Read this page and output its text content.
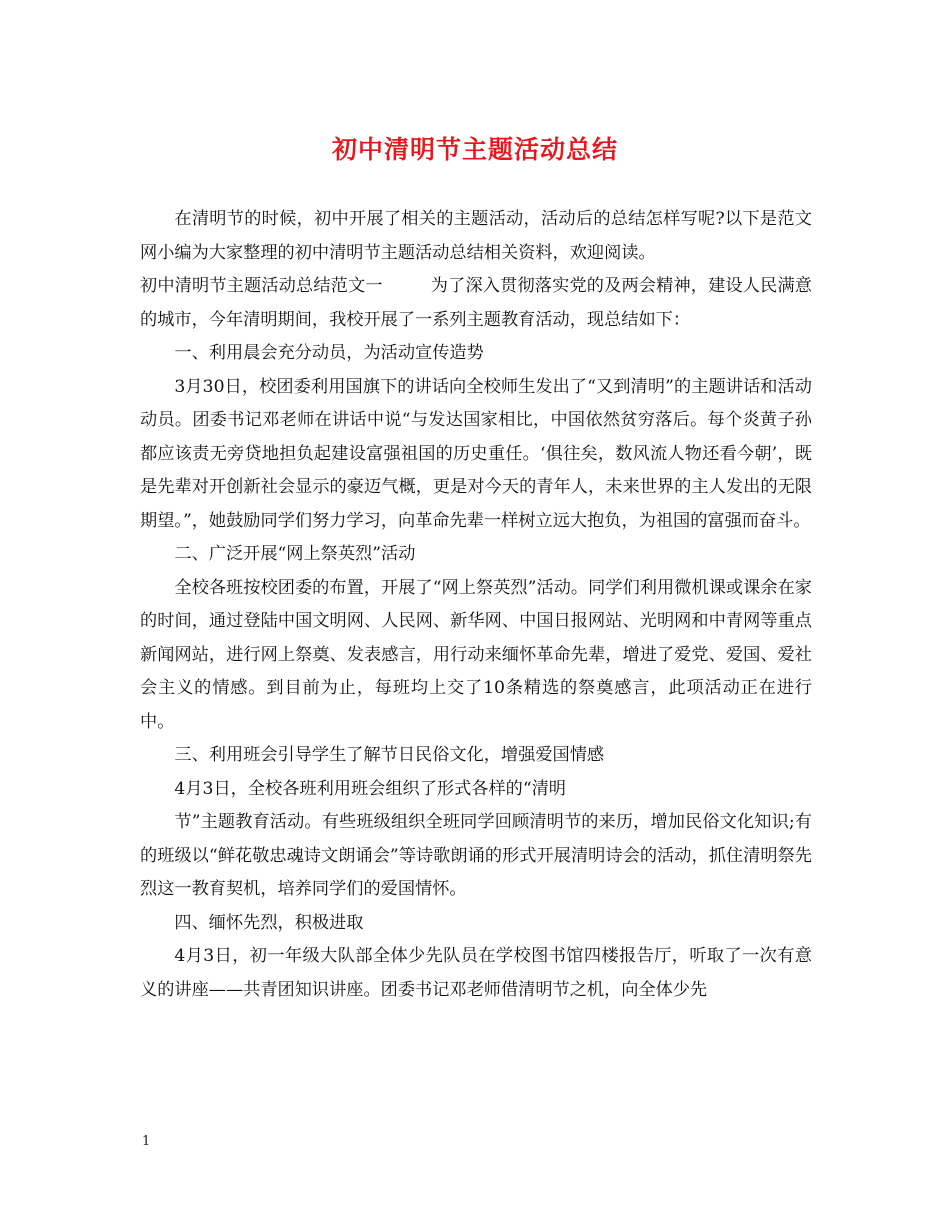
初中清明节主题活动总结

在清明节的时候，初中开展了相关的主题活动，活动后的总结怎样写呢?以下是范文网小编为大家整理的初中清明节主题活动总结相关资料，欢迎阅读。

初中清明节主题活动总结范文一	为了深入贯彻落实党的及两会精神，建设人民满意的城市，今年清明期间，我校开展了一系列主题教育活动，现总结如下：

一、利用晨会充分动员，为活动宣传造势

3月30日，校团委利用国旗下的讲话向全校师生发出了“又到清明”的主题讲话和活动动员。团委书记邓老师在讲话中说“与发达国家相比，中国依然贫穷落后。每个炎黄子孙都应该责无旁贷地担负起建设富强祖国的历史重任。‘俱往矣，数风流人物还看今朝’，既是先辈对开创新社会显示的豪迈气概，更是对今天的青年人，未来世界的主人发出的无限期望。”，她鼓励同学们努力学习，向革命先辈一样树立远大抱负，为祖国的富强而奋斗。

二、广泛开展“网上祭英烈”活动

全校各班按校团委的布置，开展了“网上祭英烈”活动。同学们利用微机课或课余在家的时间，通过登陆中国文明网、人民网、新华网、中国日报网站、光明网和中青网等重点新闻网站，进行网上祭奠、发表感言，用行动来缅怀革命先辈，增进了爱党、爱国、爱社会主义的情感。到目前为止，每班均上交了10条精选的祭奠感言，此项活动正在进行中。

三、利用班会引导学生了解节日民俗文化，增强爱国情感

4月3日，全校各班利用班会组织了形式各样的“清明

节”主题教育活动。有些班级组织全班同学回顾清明节的来历，增加民俗文化知识;有的班级以“鲜花敬忠魂诗文朗诵会”等诗歌朗诵的形式开展清明诗会的活动，抓住清明祭先烈这一教育契机，培养同学们的爱国情怀。

四、缅怀先烈，积极进取

4月3日，初一年级大队部全体少先队员在学校图书馆四楼报告厅，听取了一次有意义的讲座——共青团知识讲座。团委书记邓老师借清明节之机，向全体少先

1
